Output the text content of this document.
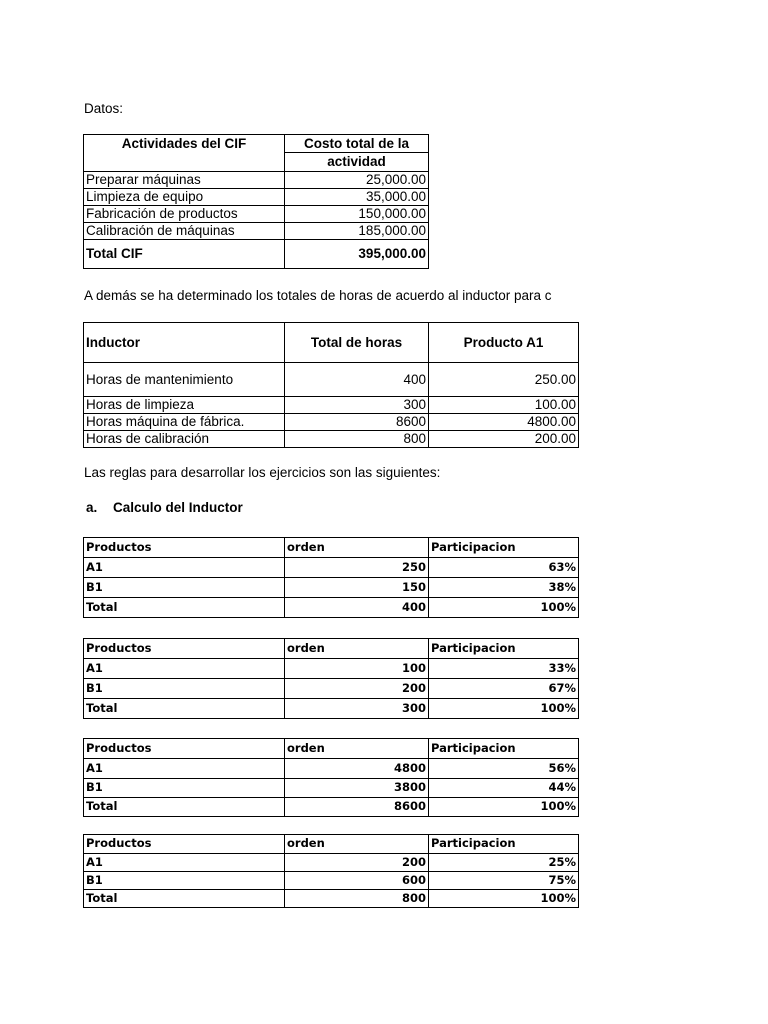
Datos:
Actividades del CIF	Costo total de la
	actividad
Preparar máquinas	25,000.00
Limpieza de equipo	35,000.00
Fabricación de productos	150,000.00
Calibración de máquinas	185,000.00
Total CIF	395,000.00
A demás se ha determinado los totales de horas de acuerdo al inductor para c
Inductor	Total de horas	Producto A1
Horas de mantenimiento	400	250.00
Horas de limpieza	300	100.00
Horas máquina de fábrica.	8600	4800.00
Horas de calibración	800	200.00
Las reglas para desarrollar los ejercicios son las siguientes:
a. Calculo del Inductor
Productos	orden	Participacion
A1	250	63%
B1	150	38%
Total	400	100%
Productos	orden	Participacion
A1	100	33%
B1	200	67%
Total	300	100%
Productos	orden	Participacion
A1	4800	56%
B1	3800	44%
Total	8600	100%
Productos	orden	Participacion
A1	200	25%
B1	600	75%
Total	800	100%
